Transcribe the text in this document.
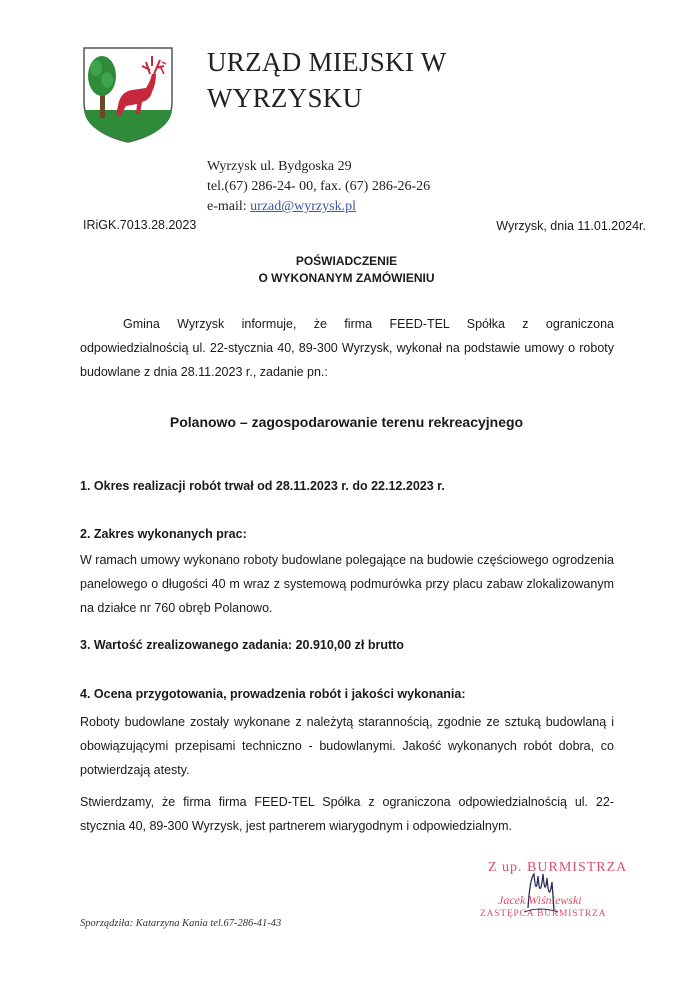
URZĄD MIEJSKI W
WYRZYSKU
Wyrzysk ul. Bydgoska 29
tel.(67) 286-24- 00, fax. (67) 286-26-26
e-mail: urzad@wyrzysk.pl
IRiGK.7013.28.2023	Wyrzysk, dnia 11.01.2024r.
POŚWIADCZENIE
O WYKONANYM ZAMÓWIENIU
Gmina Wyrzysk informuje, że firma FEED-TEL Spółka z ograniczona odpowiedzialnością ul. 22-stycznia 40, 89-300 Wyrzysk, wykonał na podstawie umowy o roboty budowlane z dnia 28.11.2023 r., zadanie pn.:
Polanowo – zagospodarowanie terenu rekreacyjnego
1. Okres realizacji robót trwał od 28.11.2023 r. do 22.12.2023 r.
2. Zakres wykonanych prac:
W ramach umowy wykonano roboty budowlane polegające na budowie częściowego ogrodzenia panelowego o długości 40 m wraz z systemową podmurówka przy placu zabaw zlokalizowanym na działce nr 760 obręb Polanowo.
3. Wartość zrealizowanego zadania: 20.910,00 zł brutto
4. Ocena przygotowania, prowadzenia robót i jakości wykonania:
Roboty budowlane zostały wykonane z należytą starannością, zgodnie ze sztuką budowlaną i obowiązującymi przepisami techniczno - budowlanymi. Jakość wykonanych robót dobra, co potwierdzają atesty.
Stwierdzamy, że firma firma FEED-TEL Spółka z ograniczona odpowiedzialnością ul. 22-stycznia 40, 89-300 Wyrzysk, jest partnerem wiarygodnym i odpowiedzialnym.
Z up. BURMISTRZA
Jacek Wiśniewski
ZASTĘPCA BURMISTRZA
Sporządziła: Katarzyna Kania tel.67-286-41-43
